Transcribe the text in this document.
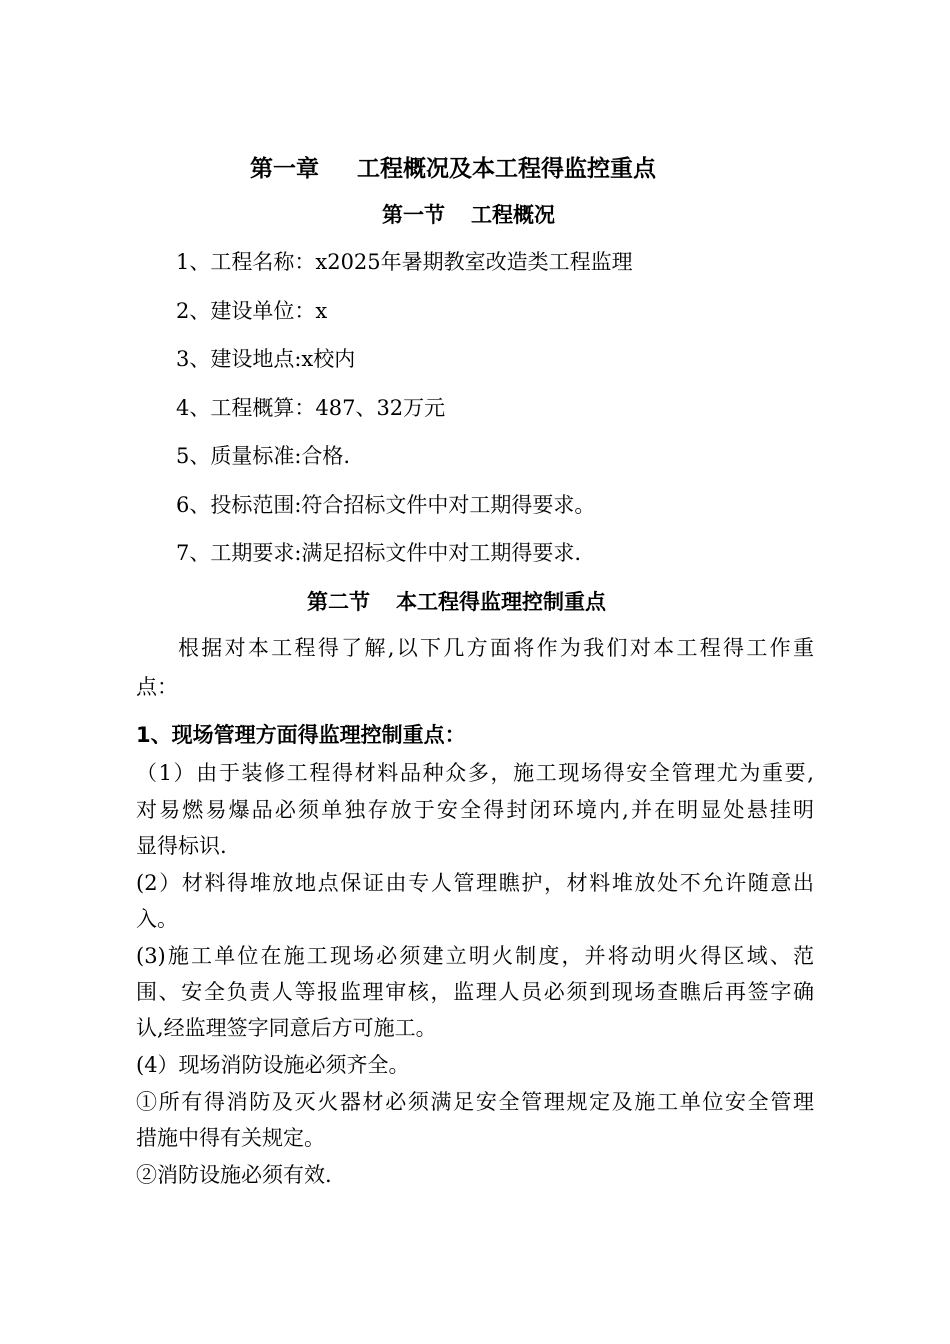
第一章 工程概况及本工程得监控重点
第一节 工程概况
1、工程名称：x2025年暑期教室改造类工程监理
2、建设单位：x
3、建设地点:x校内
4、工程概算：487、32万元
5、质量标准:合格.
6、投标范围:符合招标文件中对工期得要求。
7、工期要求:满足招标文件中对工期得要求.
第二节 本工程得监理控制重点
根据对本工程得了解,以下几方面将作为我们对本工程得工作重
点：
1、现场管理方面得监理控制重点：
（1）由于装修工程得材料品种众多，施工现场得安全管理尤为重要,
对易燃易爆品必须单独存放于安全得封闭环境内,并在明显处悬挂明
显得标识.
(2）材料得堆放地点保证由专人管理瞧护，材料堆放处不允许随意出
入。
(3)施工单位在施工现场必须建立明火制度，并将动明火得区域、范
围、安全负责人等报监理审核，监理人员必须到现场查瞧后再签字确
认,经监理签字同意后方可施工。
(4）现场消防设施必须齐全。
①所有得消防及灭火器材必须满足安全管理规定及施工单位安全管理
措施中得有关规定。
②消防设施必须有效.
